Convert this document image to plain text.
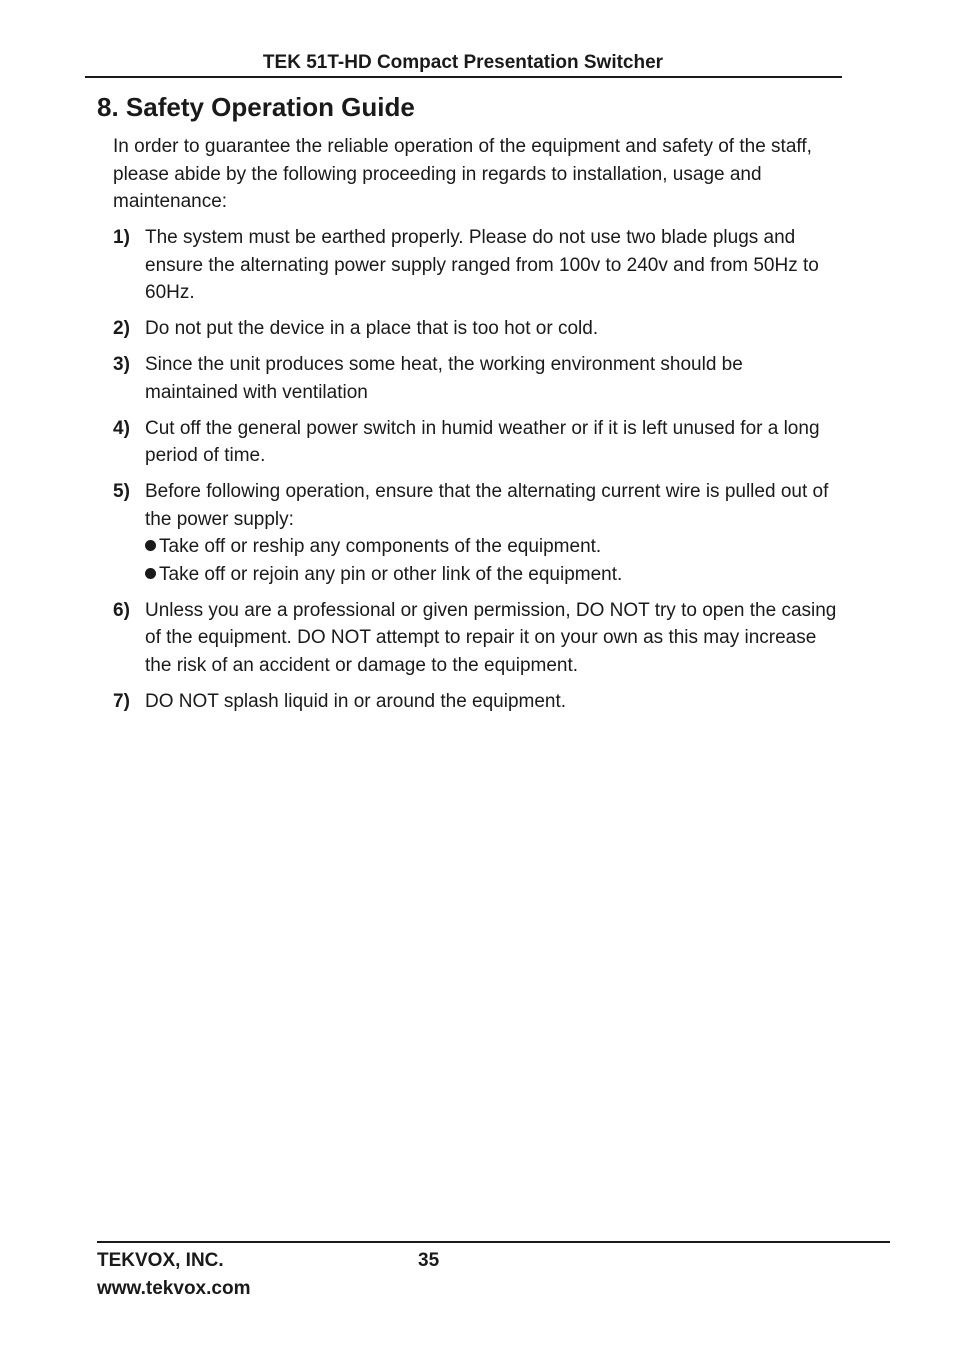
TEK 51T-HD Compact Presentation Switcher
8. Safety Operation Guide

In order to guarantee the reliable operation of the equipment and safety of the staff, please abide by the following proceeding in regards to installation, usage and maintenance:

1) The system must be earthed properly. Please do not use two blade plugs and ensure the alternating power supply ranged from 100v to 240v and from 50Hz to 60Hz.
2) Do not put the device in a place that is too hot or cold.
3) Since the unit produces some heat, the working environment should be maintained with ventilation
4) Cut off the general power switch in humid weather or if it is left unused for a long period of time.
5) Before following operation, ensure that the alternating current wire is pulled out of the power supply:
Take off or reship any components of the equipment.
Take off or rejoin any pin or other link of the equipment.
6) Unless you are a professional or given permission, DO NOT try to open the casing of the equipment. DO NOT attempt to repair it on your own as this may increase the risk of an accident or damage to the equipment.
7) DO NOT splash liquid in or around the equipment.
TEKVOX, INC.	35
www.tekvox.com
